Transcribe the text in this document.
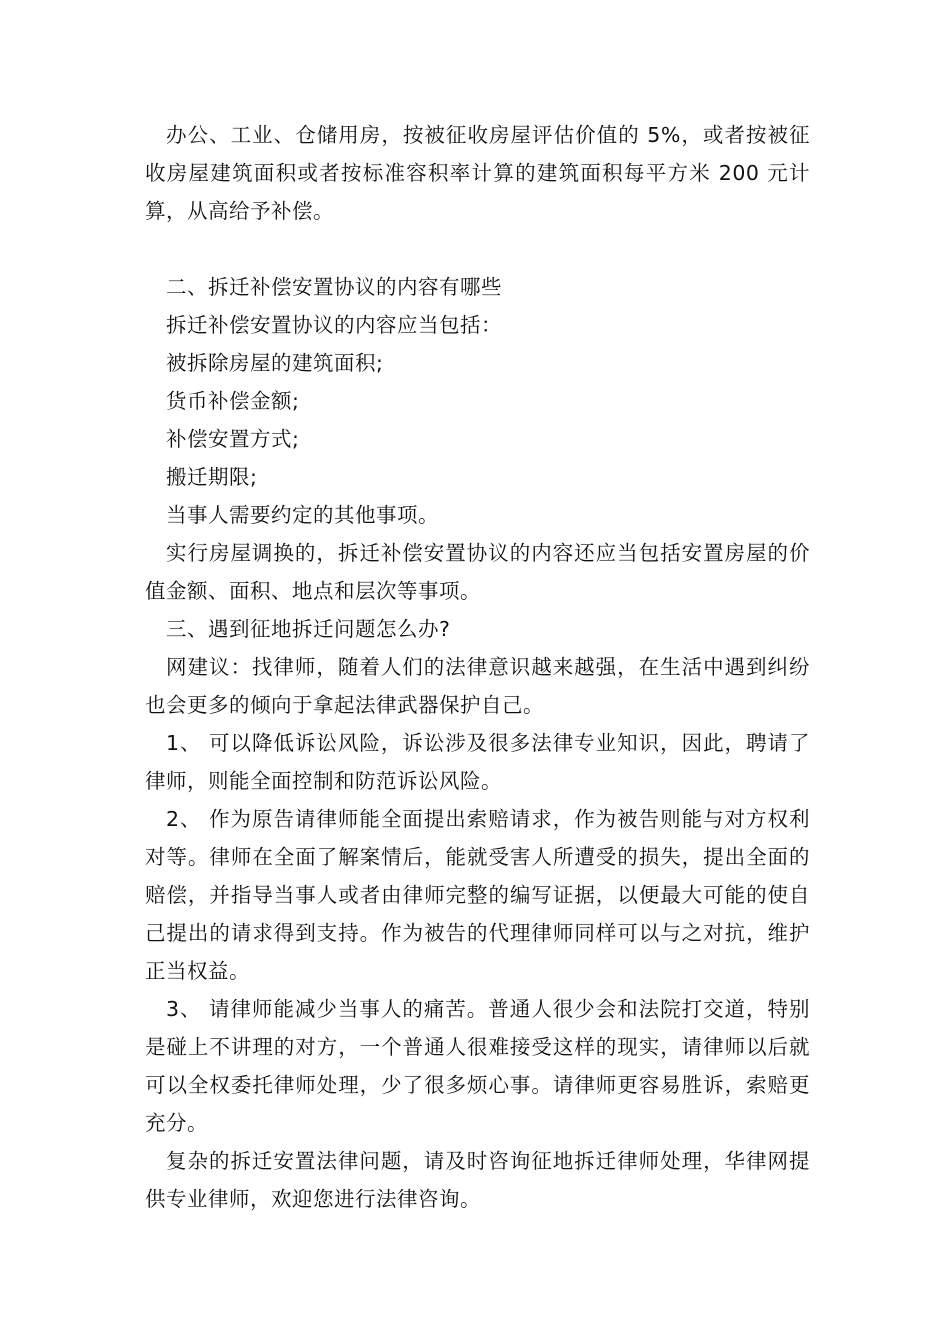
办公、工业、仓储用房，按被征收房屋评估价值的 5%，或者按被征收房屋建筑面积或者按标准容积率计算的建筑面积每平方米 200 元计算，从高给予补偿。

二、拆迁补偿安置协议的内容有哪些

拆迁补偿安置协议的内容应当包括：

被拆除房屋的建筑面积;

货币补偿金额;

补偿安置方式;

搬迁期限;

当事人需要约定的其他事项。

实行房屋调换的，拆迁补偿安置协议的内容还应当包括安置房屋的价值金额、面积、地点和层次等事项。

三、遇到征地拆迁问题怎么办?

网建议：找律师，随着人们的法律意识越来越强，在生活中遇到纠纷也会更多的倾向于拿起法律武器保护自己。

1、 可以降低诉讼风险，诉讼涉及很多法律专业知识，因此，聘请了律师，则能全面控制和防范诉讼风险。

2、 作为原告请律师能全面提出索赔请求，作为被告则能与对方权利对等。律师在全面了解案情后，能就受害人所遭受的损失，提出全面的赔偿，并指导当事人或者由律师完整的编写证据，以便最大可能的使自己提出的请求得到支持。作为被告的代理律师同样可以与之对抗，维护正当权益。

3、 请律师能减少当事人的痛苦。普通人很少会和法院打交道，特别是碰上不讲理的对方，一个普通人很难接受这样的现实，请律师以后就可以全权委托律师处理，少了很多烦心事。请律师更容易胜诉，索赔更充分。

复杂的拆迁安置法律问题，请及时咨询征地拆迁律师处理，华律网提供专业律师，欢迎您进行法律咨询。
